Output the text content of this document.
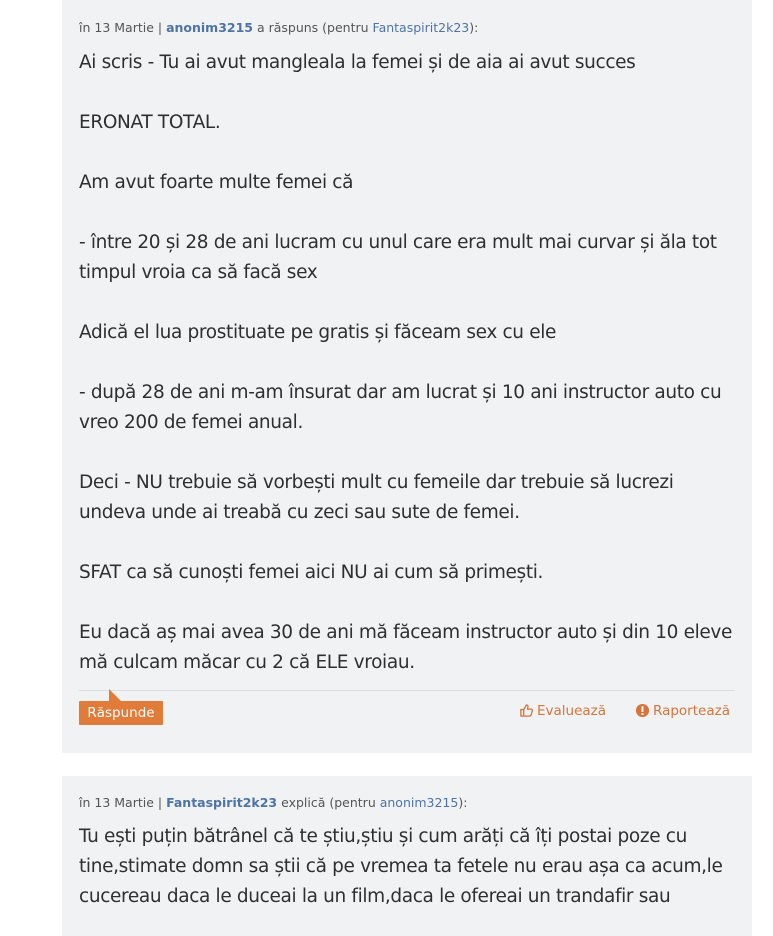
în 13 Martie | anonim3215 a răspuns (pentru Fantaspirit2k23):

Ai scris - Tu ai avut mangleala la femei și de aia ai avut succes

ERONAT TOTAL.

Am avut foarte multe femei că

- între 20 și 28 de ani lucram cu unul care era mult mai curvar și ăla tot timpul vroia ca să facă sex

Adică el lua prostituate pe gratis și făceam sex cu ele

- după 28 de ani m-am însurat dar am lucrat și 10 ani instructor auto cu vreo 200 de femei anual.

Deci - NU trebuie să vorbești mult cu femeile dar trebuie să lucrezi undeva unde ai treabă cu zeci sau sute de femei.

SFAT ca să cunoști femei aici NU ai cum să primești.

Eu dacă aș mai avea 30 de ani mă făceam instructor auto și din 10 eleve mă culcam măcar cu 2 că ELE vroiau.

Răspunde	Evaluează	Raportează
în 13 Martie | Fantaspirit2k23 explică (pentru anonim3215):

Tu ești puțin bătrânel că te știu,știu și cum arăți că îți postai poze cu tine,stimate domn sa știi că pe vremea ta fetele nu erau așa ca acum,le cucereau daca le duceai la un film,daca le ofereai un trandafir sau
